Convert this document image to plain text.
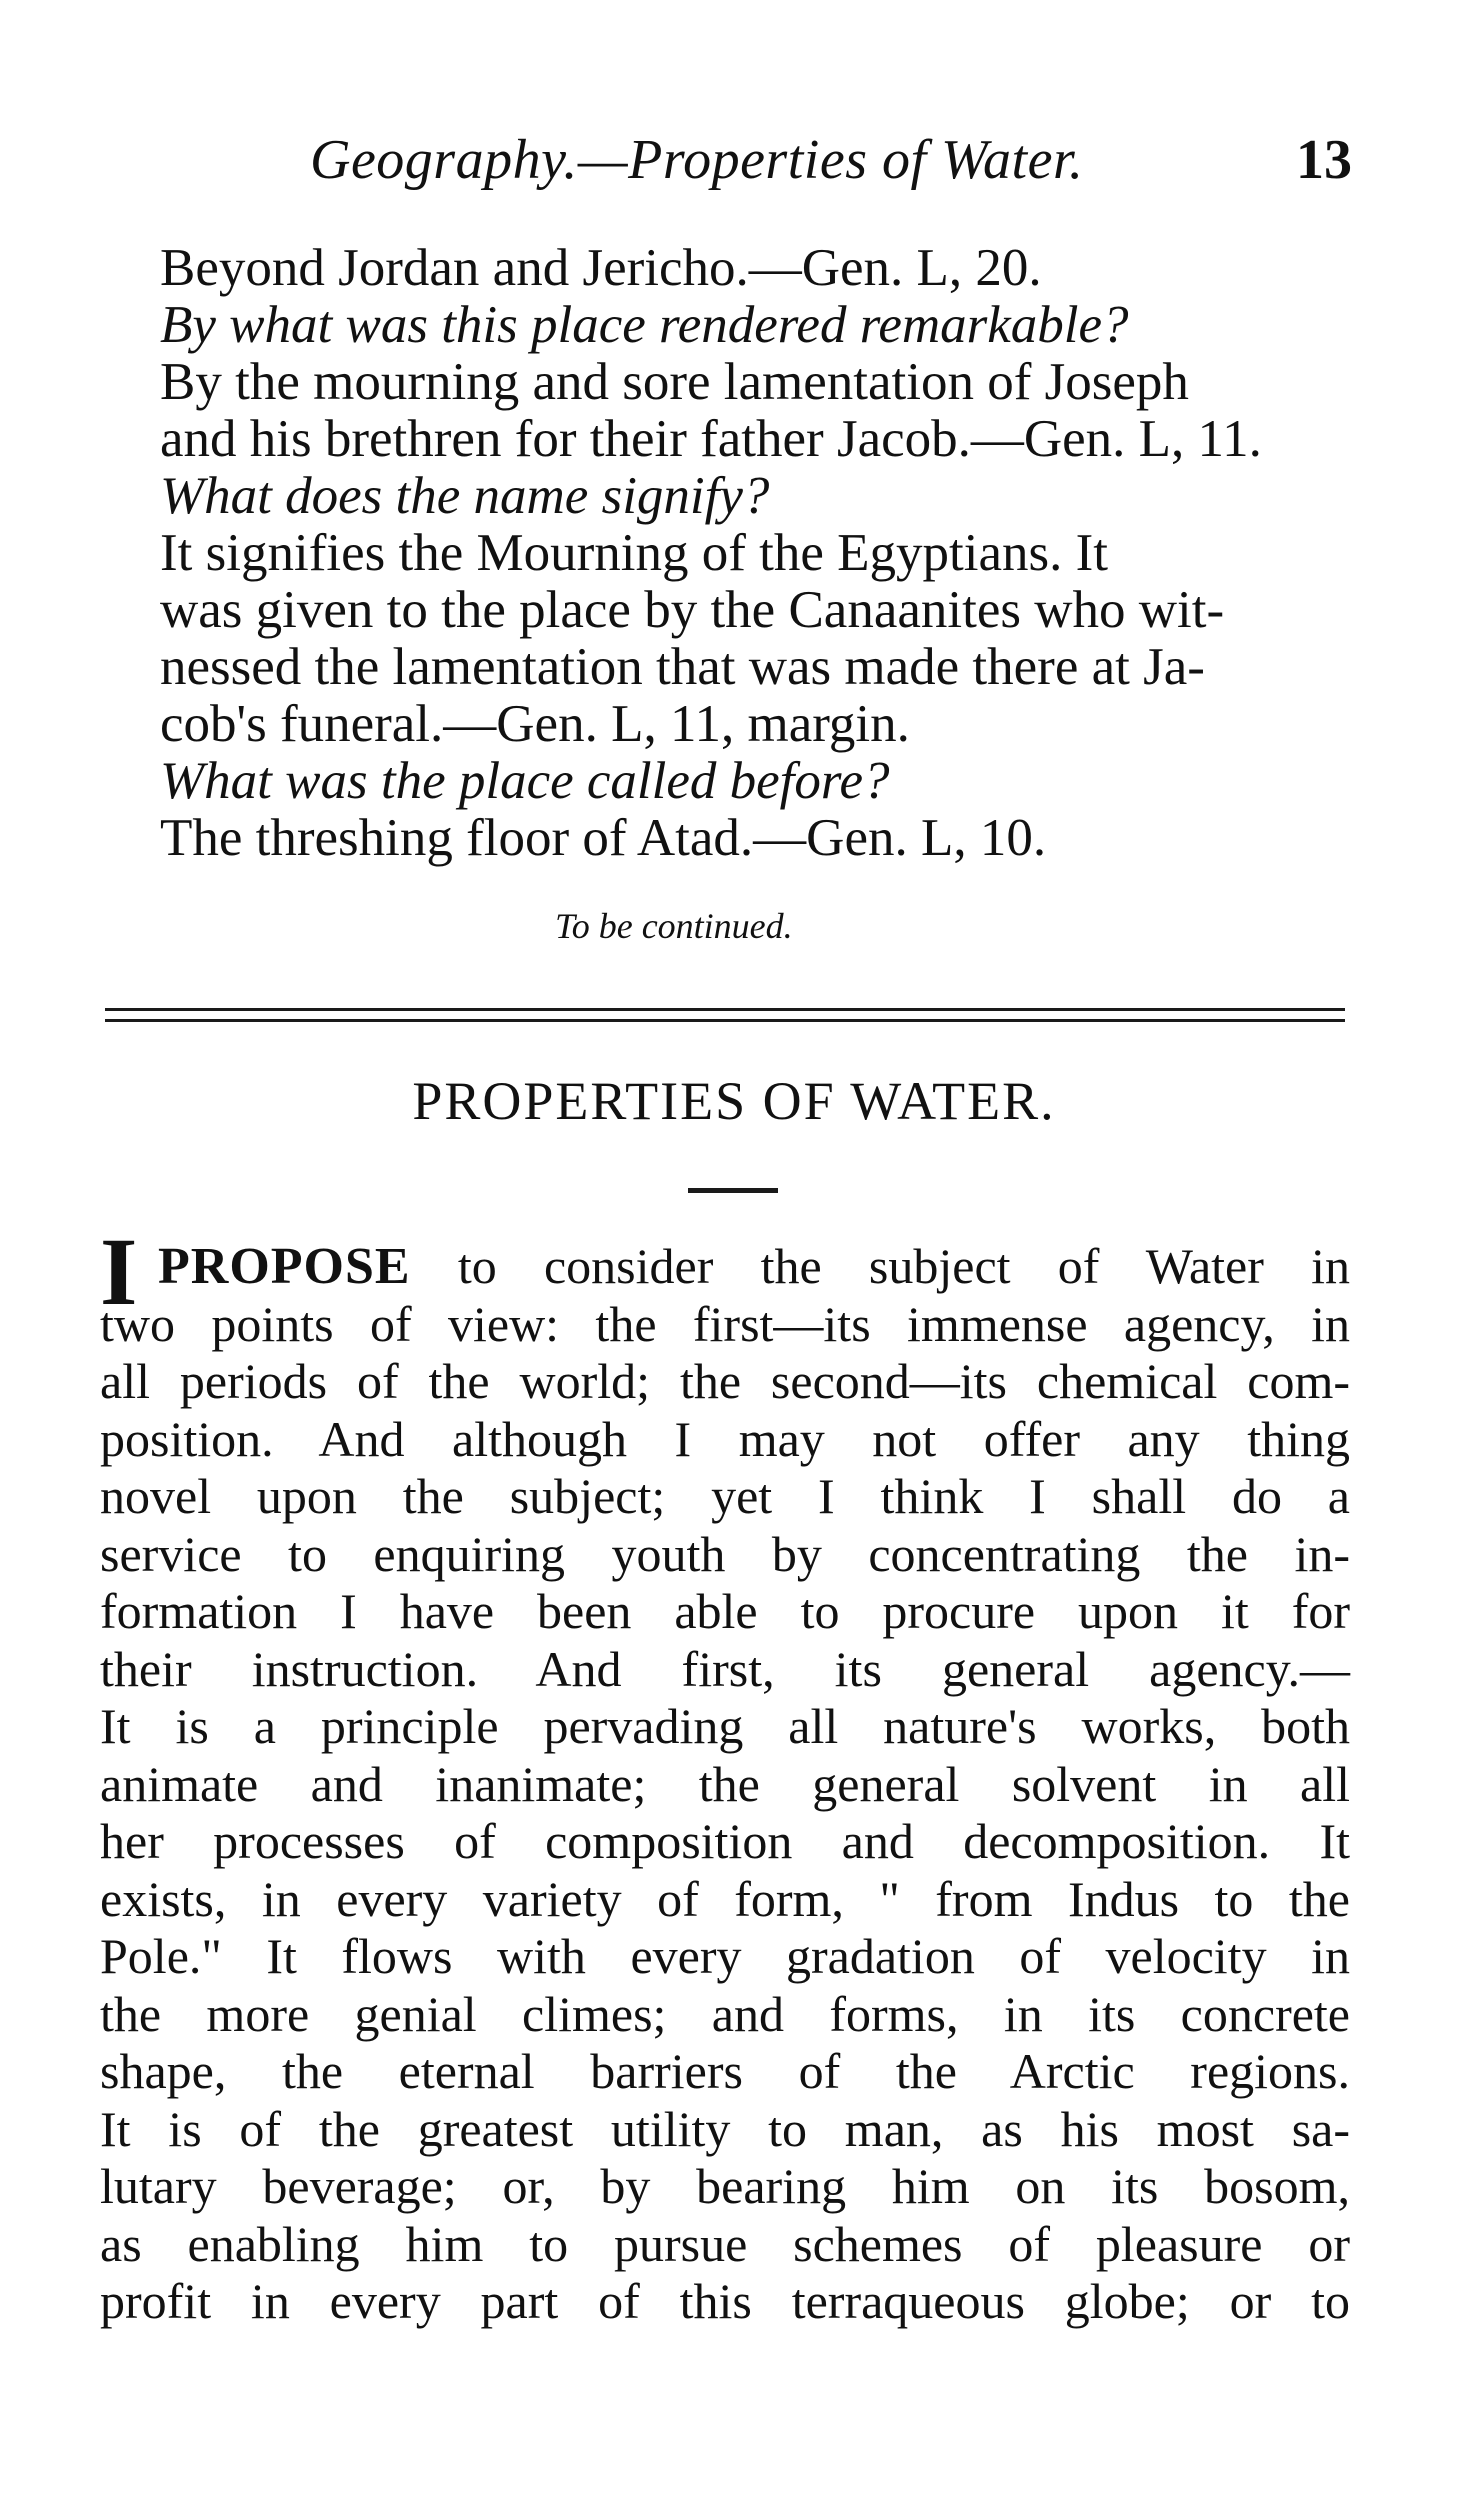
Geography.—Properties of Water.	13
Beyond Jordan and Jericho.—Gen. L, 20.
By what was this place rendered remarkable?
By the mourning and sore lamentation of Joseph
and his brethren for their father Jacob.—Gen. L, 11.
What does the name signify?
It signifies the Mourning of the Egyptians. It
was given to the place by the Canaanites who wit-
nessed the lamentation that was made there at Ja-
cob's funeral.—Gen. L, 11, margin.
What was the place called before?
The threshing floor of Atad.—Gen. L, 10.
To be continued.
PROPERTIES OF WATER.
I PROPOSE to consider the subject of Water in
two points of view: the first—its immense agency, in
all periods of the world; the second—its chemical com-
position. And although I may not offer any thing
novel upon the subject; yet I think I shall do a
service to enquiring youth by concentrating the in-
formation I have been able to procure upon it for
their instruction. And first, its general agency.—
It is a principle pervading all nature's works, both
animate and inanimate; the general solvent in all
her processes of composition and decomposition. It
exists, in every variety of form, " from Indus to the
Pole." It flows with every gradation of velocity in
the more genial climes; and forms, in its concrete
shape, the eternal barriers of the Arctic regions.
It is of the greatest utility to man, as his most sa-
lutary beverage; or, by bearing him on its bosom,
as enabling him to pursue schemes of pleasure or
profit in every part of this terraqueous globe; or to
